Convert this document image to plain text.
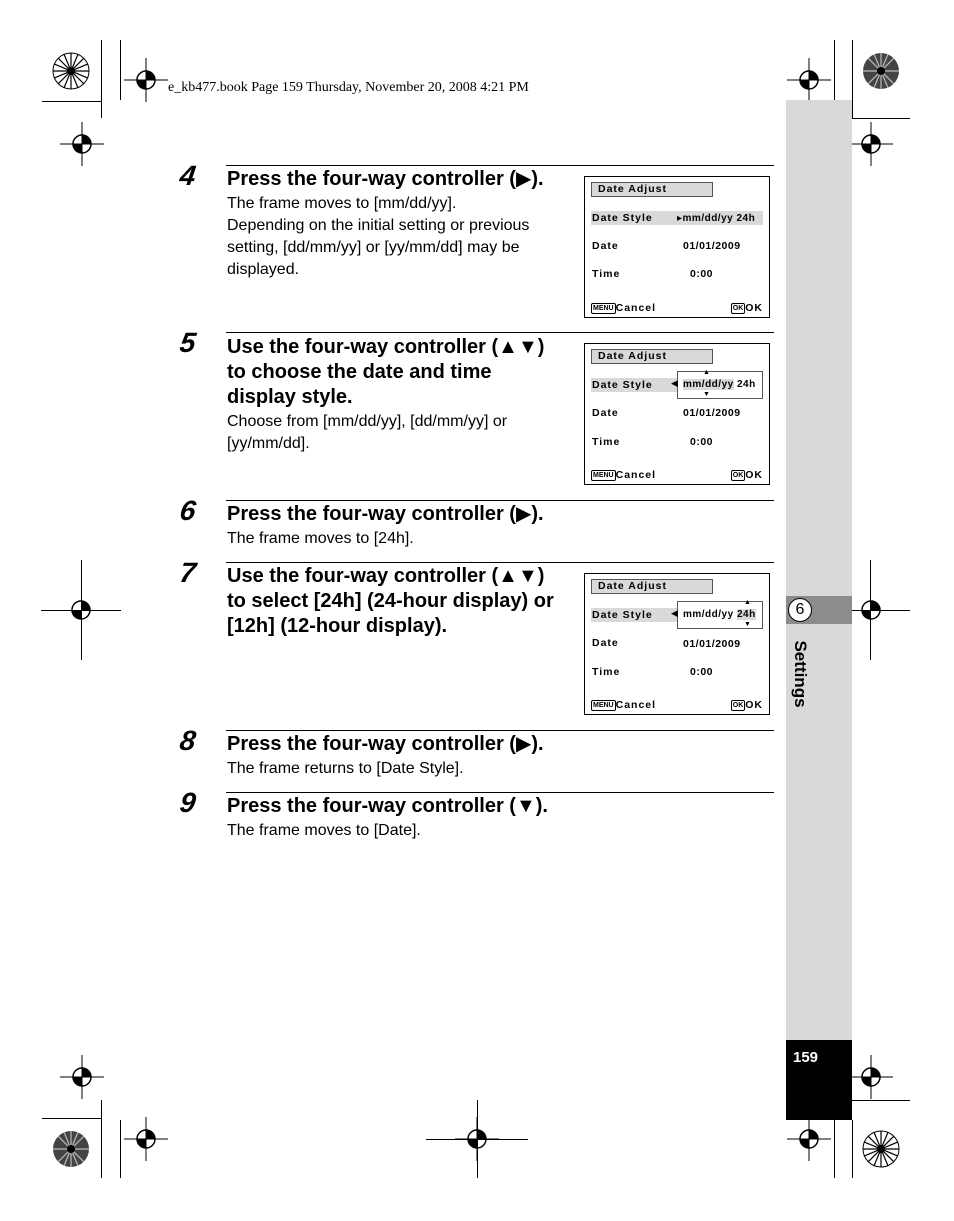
e_kb477.book Page 159 Thursday, November 20, 2008 4:21 PM
6
Settings
159
4 Press the four-way controller (▶).
The frame moves to [mm/dd/yy].
Depending on the initial setting or previous
setting, [dd/mm/yy] or [yy/mm/dd] may be
displayed.
Date Adjust
Date Style ▸mm/dd/yy 24h
Date	01/01/2009
Time	0:00
MENU Cancel	OK OK
5 Use the four-way controller (▲▼)
to choose the date and time
display style.
Choose from [mm/dd/yy], [dd/mm/yy] or
[yy/mm/dd].
Date Adjust
Date Style ◀ mm/dd/yy 24h
▲
▼
Date	01/01/2009
Time	0:00
MENU Cancel	OK OK
6 Press the four-way controller (▶).
The frame moves to [24h].
7 Use the four-way controller (▲▼)
to select [24h] (24-hour display) or
[12h] (12-hour display).
Date Adjust
Date Style ◀ mm/dd/yy 24h
▲
▼
Date	01/01/2009
Time	0:00
MENU Cancel	OK OK
8 Press the four-way controller (▶).
The frame returns to [Date Style].
9 Press the four-way controller (▼).
The frame moves to [Date].
